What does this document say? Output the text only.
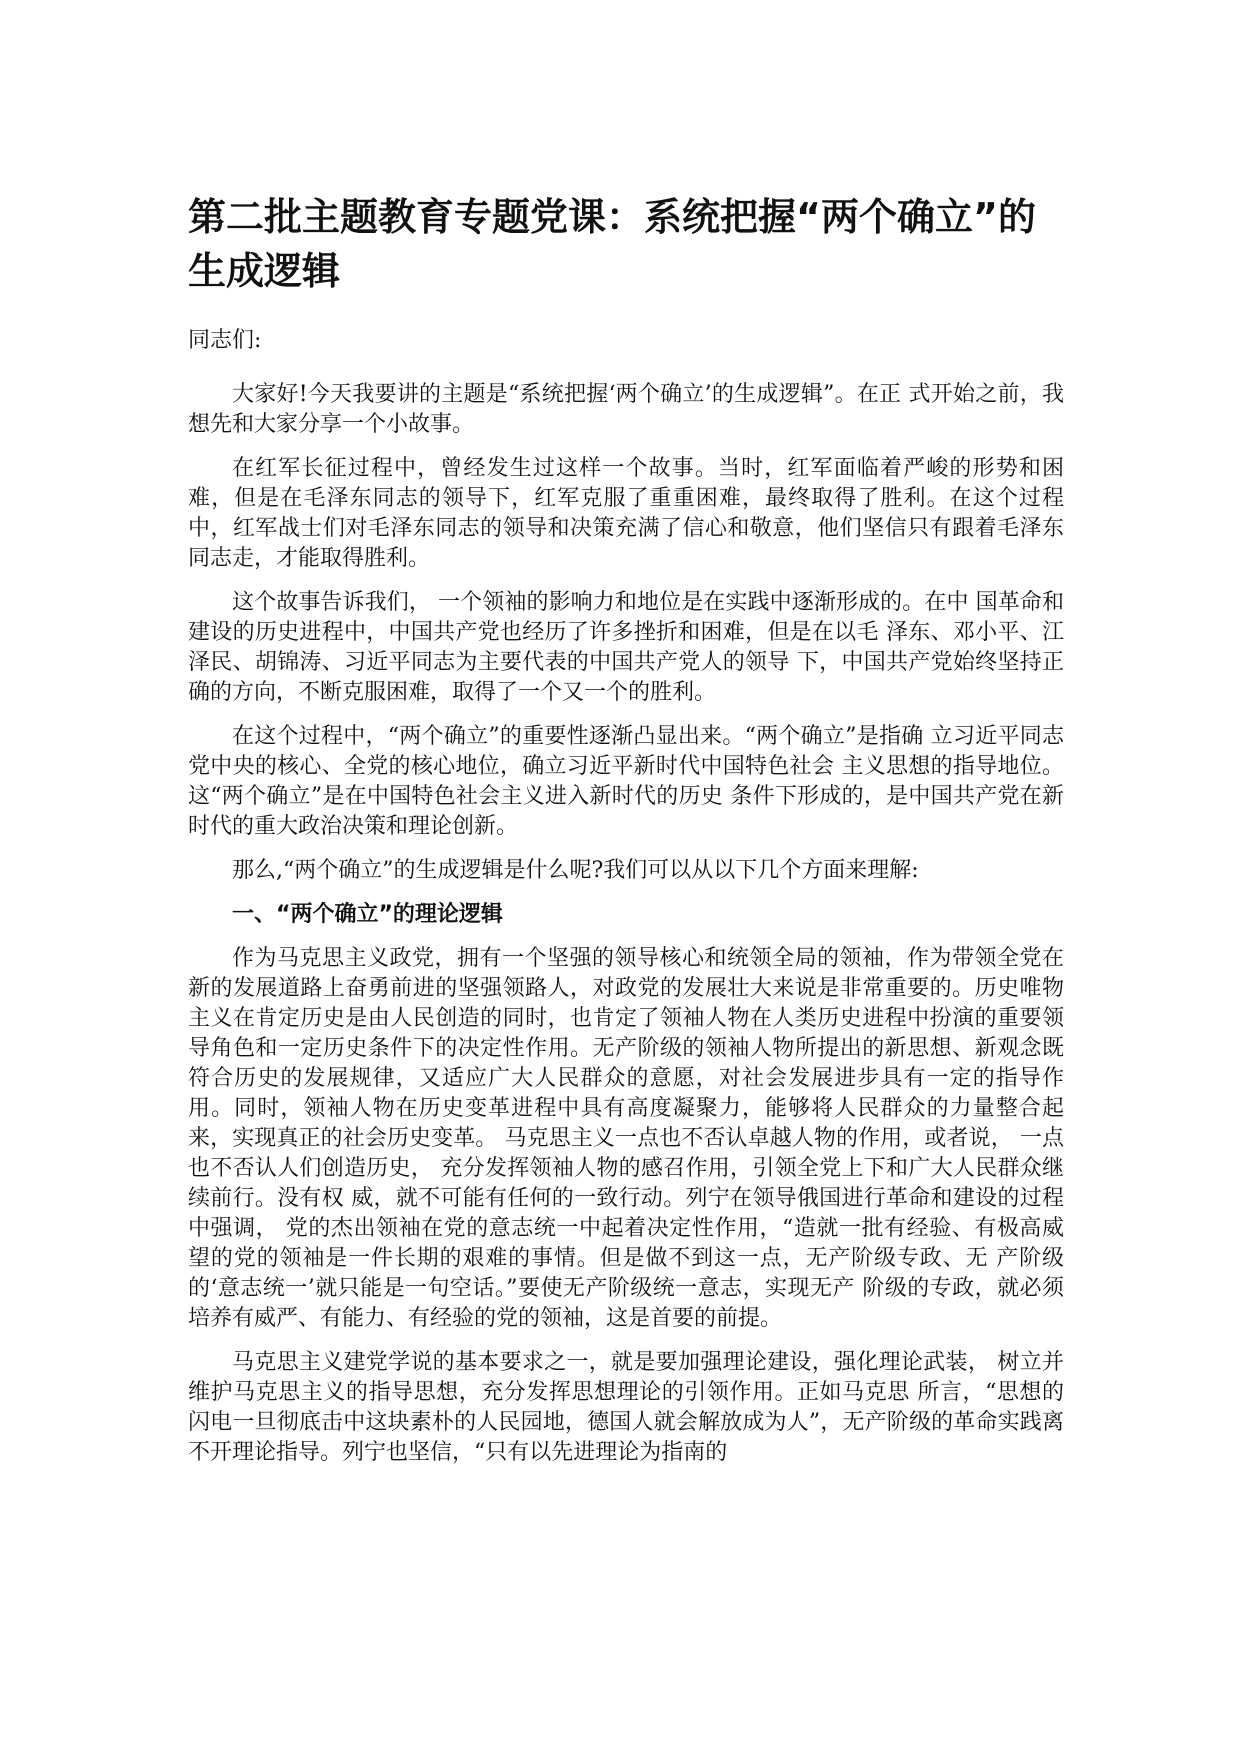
第二批主题教育专题党课：系统把握“两个确立”的生成逻辑

同志们:

大家好!今天我要讲的主题是“系统把握‘两个确立’的生成逻辑”。在正 式开始之前，我想先和大家分享一个小故事。

在红军长征过程中，曾经发生过这样一个故事。当时，红军面临着严峻的形势和困难，但是在毛泽东同志的领导下，红军克服了重重困难，最终取得了胜利。在这个过程中，红军战士们对毛泽东同志的领导和决策充满了信心和敬意，他们坚信只有跟着毛泽东同志走，才能取得胜利。

这个故事告诉我们， 一个领袖的影响力和地位是在实践中逐渐形成的。在中 国革命和建设的历史进程中，中国共产党也经历了许多挫折和困难，但是在以毛 泽东、邓小平、江泽民、胡锦涛、习近平同志为主要代表的中国共产党人的领导 下，中国共产党始终坚持正确的方向，不断克服困难，取得了一个又一个的胜利。

在这个过程中，“两个确立”的重要性逐渐凸显出来。“两个确立”是指确 立习近平同志党中央的核心、全党的核心地位，确立习近平新时代中国特色社会 主义思想的指导地位。这“两个确立”是在中国特色社会主义进入新时代的历史 条件下形成的，是中国共产党在新时代的重大政治决策和理论创新。

那么,“两个确立”的生成逻辑是什么呢?我们可以从以下几个方面来理解:

一、“两个确立”的理论逻辑

作为马克思主义政党，拥有一个坚强的领导核心和统领全局的领袖，作为带领全党在新的发展道路上奋勇前进的坚强领路人，对政党的发展壮大来说是非常重要的。历史唯物主义在肯定历史是由人民创造的同时，也肯定了领袖人物在人类历史进程中扮演的重要领导角色和一定历史条件下的决定性作用。无产阶级的领袖人物所提出的新思想、新观念既符合历史的发展规律，又适应广大人民群众的意愿，对社会发展进步具有一定的指导作用。同时，领袖人物在历史变革进程中具有高度凝聚力，能够将人民群众的力量整合起来，实现真正的社会历史变革。 马克思主义一点也不否认卓越人物的作用，或者说， 一点也不否认人们创造历史， 充分发挥领袖人物的感召作用，引领全党上下和广大人民群众继续前行。没有权 威，就不可能有任何的一致行动。列宁在领导俄国进行革命和建设的过程中强调， 党的杰出领袖在党的意志统一中起着决定性作用，“造就一批有经验、有极高威 望的党的领袖是一件长期的艰难的事情。但是做不到这一点，无产阶级专政、无 产阶级的‘意志统一’就只能是一句空话。”要使无产阶级统一意志，实现无产 阶级的专政，就必须培养有威严、有能力、有经验的党的领袖，这是首要的前提。

马克思主义建党学说的基本要求之一，就是要加强理论建设，强化理论武装， 树立并维护马克思主义的指导思想，充分发挥思想理论的引领作用。正如马克思 所言，“思想的闪电一旦彻底击中这块素朴的人民园地，德国人就会解放成为人”，无产阶级的革命实践离不开理论指导。列宁也坚信，“只有以先进理论为指南的
